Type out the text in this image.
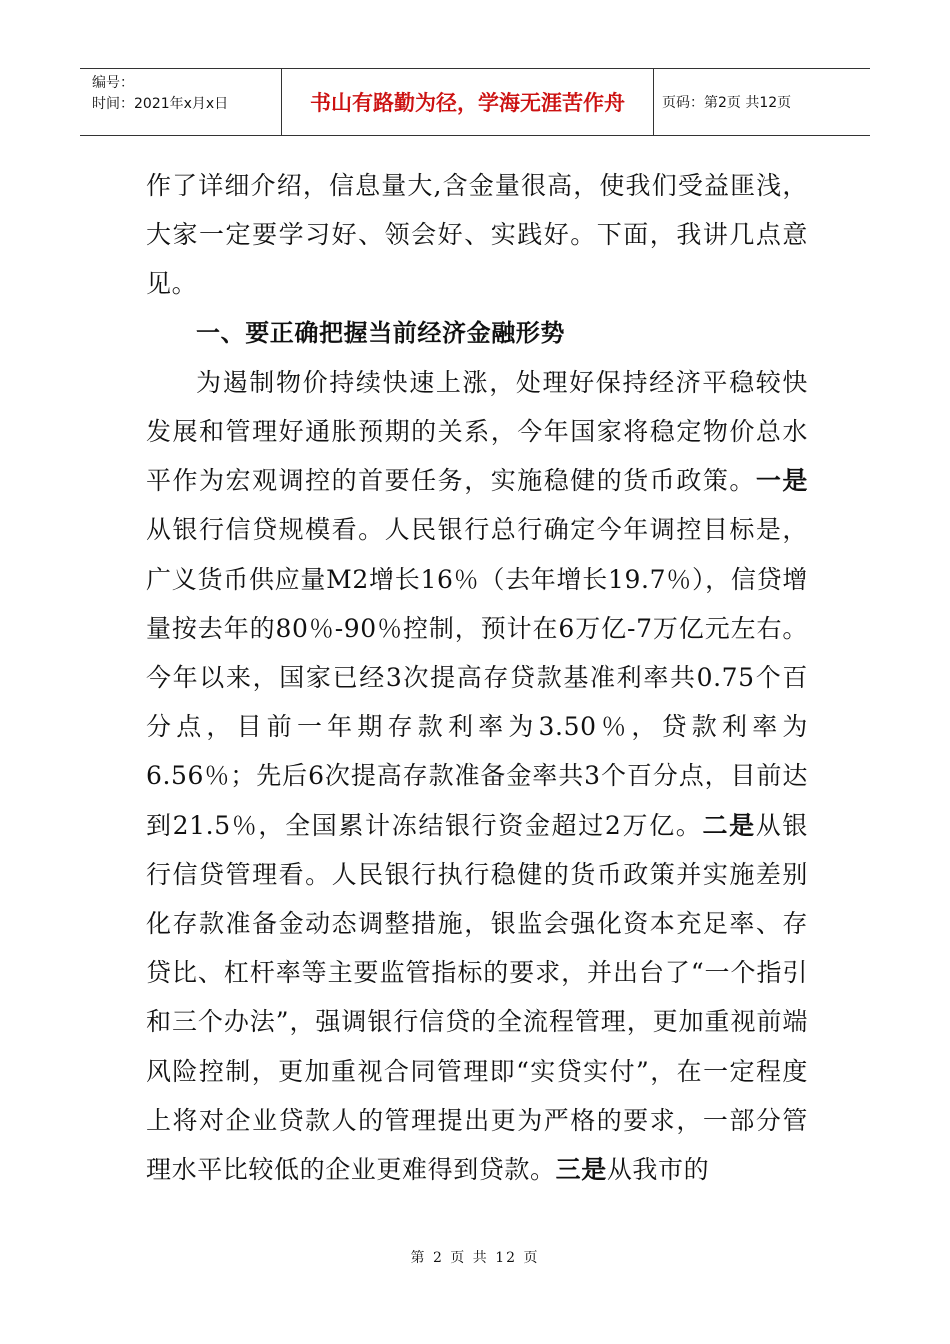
编号：
时间：2021年x月x日	书山有路勤为径，学海无涯苦作舟	页码：第2页 共12页

作了详细介绍，信息量大,含金量很高，使我们受益匪浅，大家一定要学习好、领会好、实践好。下面，我讲几点意见。

一、要正确把握当前经济金融形势

为遏制物价持续快速上涨，处理好保持经济平稳较快发展和管理好通胀预期的关系，今年国家将稳定物价总水平作为宏观调控的首要任务，实施稳健的货币政策。一是从银行信贷规模看。人民银行总行确定今年调控目标是，广义货币供应量M2增长16％（去年增长19.7％），信贷增量按去年的80％-90％控制，预计在6万亿-7万亿元左右。今年以来，国家已经3次提高存贷款基准利率共0.75个百分点，目前一年期存款利率为3.50％，贷款利率为6.56％；先后6次提高存款准备金率共3个百分点，目前达到21.5％，全国累计冻结银行资金超过2万亿。二是从银行信贷管理看。人民银行执行稳健的货币政策并实施差别化存款准备金动态调整措施，银监会强化资本充足率、存贷比、杠杆率等主要监管指标的要求，并出台了“一个指引和三个办法”，强调银行信贷的全流程管理，更加重视前端风险控制，更加重视合同管理即“实贷实付”，在一定程度上将对企业贷款人的管理提出更为严格的要求，一部分管理水平比较低的企业更难得到贷款。三是从我市的

第 2 页 共 12 页
